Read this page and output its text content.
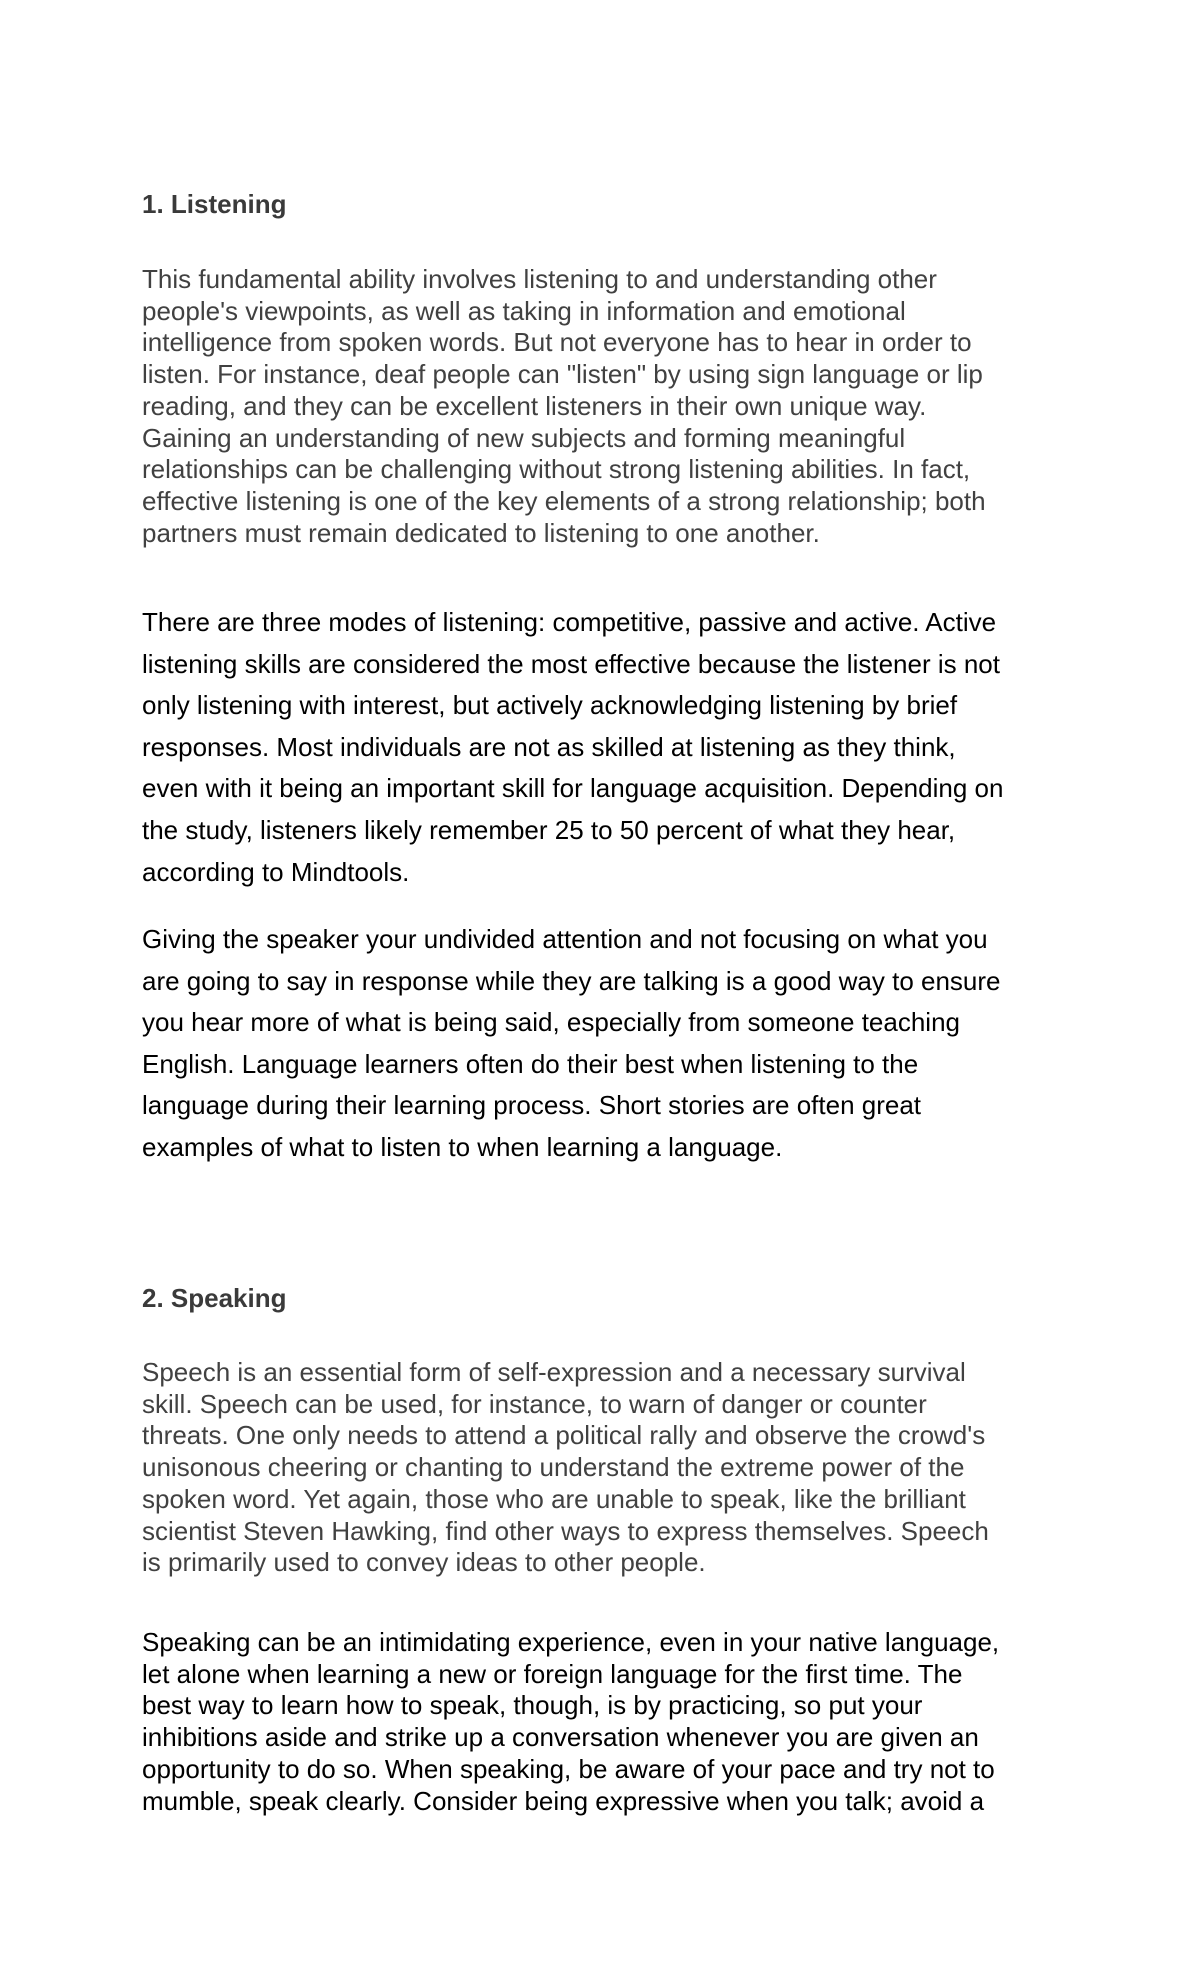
1. Listening

This fundamental ability involves listening to and understanding other
people's viewpoints, as well as taking in information and emotional
intelligence from spoken words. But not everyone has to hear in order to
listen. For instance, deaf people can "listen" by using sign language or lip
reading, and they can be excellent listeners in their own unique way.
Gaining an understanding of new subjects and forming meaningful
relationships can be challenging without strong listening abilities. In fact,
effective listening is one of the key elements of a strong relationship; both
partners must remain dedicated to listening to one another.

There are three modes of listening: competitive, passive and active. Active
listening skills are considered the most effective because the listener is not
only listening with interest, but actively acknowledging listening by brief
responses. Most individuals are not as skilled at listening as they think,
even with it being an important skill for language acquisition. Depending on
the study, listeners likely remember 25 to 50 percent of what they hear,
according to Mindtools.

Giving the speaker your undivided attention and not focusing on what you
are going to say in response while they are talking is a good way to ensure
you hear more of what is being said, especially from someone teaching
English. Language learners often do their best when listening to the
language during their learning process. Short stories are often great
examples of what to listen to when learning a language.

2. Speaking

Speech is an essential form of self-expression and a necessary survival
skill. Speech can be used, for instance, to warn of danger or counter
threats. One only needs to attend a political rally and observe the crowd's
unisonous cheering or chanting to understand the extreme power of the
spoken word. Yet again, those who are unable to speak, like the brilliant
scientist Steven Hawking, find other ways to express themselves. Speech
is primarily used to convey ideas to other people.

Speaking can be an intimidating experience, even in your native language,
let alone when learning a new or foreign language for the first time. The
best way to learn how to speak, though, is by practicing, so put your
inhibitions aside and strike up a conversation whenever you are given an
opportunity to do so. When speaking, be aware of your pace and try not to
mumble, speak clearly. Consider being expressive when you talk; avoid a
